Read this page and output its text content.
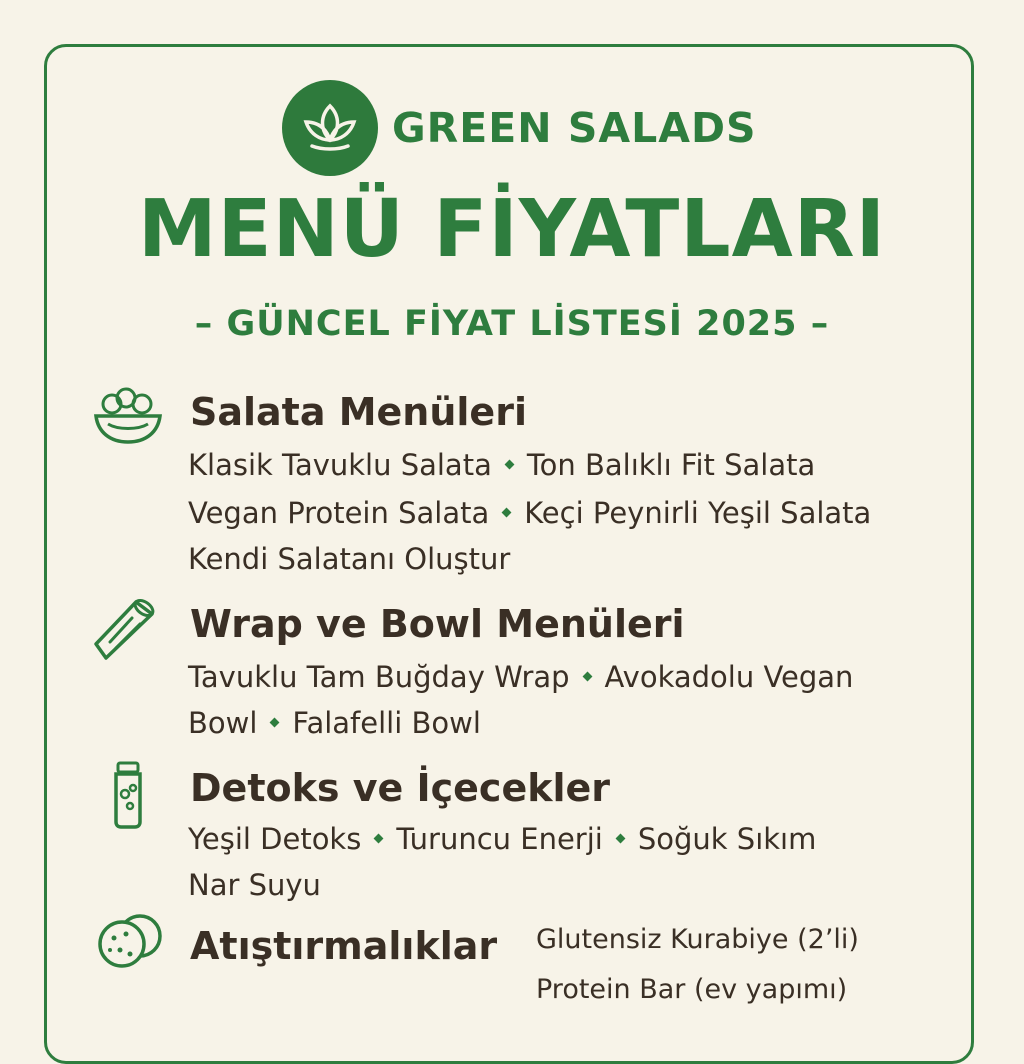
GREEN SALADS
MENÜ FİYATLARI
– GÜNCEL FİYAT LİSTESİ 2025 –
Salata Menüleri
Klasik Tavuklu Salata Ton Balıklı Fit Salata
Vegan Protein Salata Keçi Peynirli Yeşil Salata
Kendi Salatanı Oluştur
Wrap ve Bowl Menüleri
Tavuklu Tam Buğday Wrap Avokadolu Vegan
Bowl Falafelli Bowl
Detoks ve İçecekler
Yeşil Detoks Turuncu Enerji Soğuk Sıkım
Nar Suyu
Atıştırmalıklar Glutensiz Kurabiye (2’li)
Protein Bar (ev yapımı)
